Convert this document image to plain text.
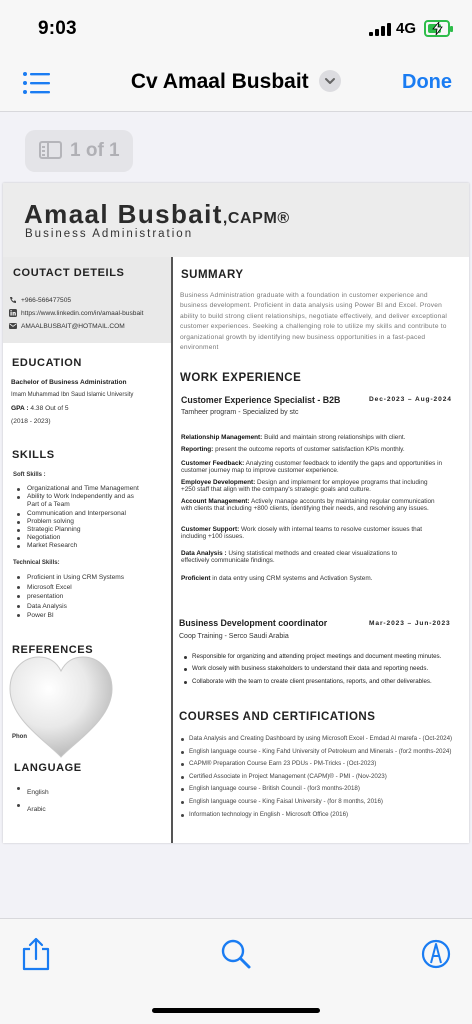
9:03	4G
Cv Amaal Busbait	Done
1 of 1
Amaal Busbait,CAPM®
Business Administration
COUTACT DETEILS
+966-566477505
https://www.linkedin.com/in/amaal-busbait
AMAALBUSBAIT@HOTMAIL.COM
EDUCATION
Bachelor of Business Administration
Imam Muhammad Ibn Saud Islamic University
GPA : 4.38 Out of 5
(2018 - 2023)
SKILLS
Soft Skills :
Organizational and Time Management
Ability to Work Independently and as Part of a Team
Communication and Interpersonal
Problem solving
Strategic Planning
Negotiation
Market Research
Technical Skills:
Proficient in Using CRM Systems
Microsoft Excel
presentation
Data Analysis
Power BI
REFERENCES
Phon
LANGUAGE
English
Arabic
SUMMARY
Business Administration graduate with a foundation in customer experience and business development. Proficient in data analysis using Power BI and Excel. Proven ability to build strong client relationships, negotiate effectively, and deliver exceptional customer experiences. Seeking a challenging role to utilize my skills and contribute to organizational growth by identifying new business opportunities in a fast-paced environment
WORK EXPERIENCE
Customer Experience Specialist - B2B	Dec-2023 – Aug-2024
Tamheer program - Specialized by stc
Relationship Management: Build and maintain strong relationships with client.
Reporting: present the outcome reports of customer satisfaction KPIs monthly.
Customer Feedback: Analyzing customer feedback to identify the gaps and opportunities in customer journey map to improve customer experience.
Employee Development: Design and implement for employee programs that including +250 staff that align with the company's strategic goals and culture.
Account Management: Actively manage accounts by maintaining regular communication with clients that including +800 clients, identifying their needs, and resolving any issues.
Customer Support: Work closely with internal teams to resolve customer issues that including +100 issues.
Data Analysis : Using statistical methods and created clear visualizations to effectively communicate findings.
Proficient in data entry using CRM systems and Activation System.
Business Development coordinator	Mar-2023 – Jun-2023
Coop Training - Serco Saudi Arabia
Responsible for organizing and attending project meetings and document meeting minutes.
Work closely with business stakeholders to understand their data and reporting needs.
Collaborate with the team to create client presentations, reports, and other deliverables.
COURSES AND CERTIFICATIONS
Data Analysis and Creating Dashboard by using Microsoft Excel - Emdad Al marefa - (Oct-2024)
English language course - King Fahd University of Petroleum and Minerals - (for2 months-2024)
CAPM® Preparation Course Earn 23 PDUs - PM-Tricks - (Oct-2023)
Certified Associate in Project Management (CAPM)® - PMI - (Nov-2023)
English language course - British Council - (for3 months-2018)
English language course - King Faisal University - (for 8 months, 2016)
Information technology in English - Microsoft Office (2016)
